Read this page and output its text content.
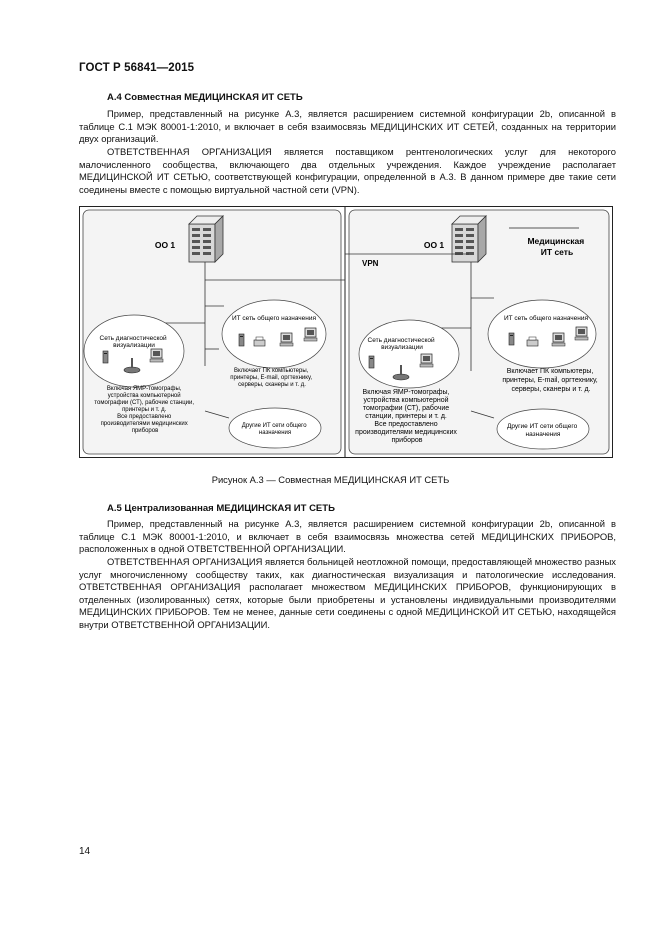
ГОСТ Р 56841—2015
А.4 Совместная МЕДИЦИНСКАЯ ИТ СЕТЬ

Пример, представленный на рисунке А.3, является расширением системной конфигурации 2b, описанной в таблице С.1 МЭК 80001-1:2010, и включает в себя взаимосвязь МЕДИЦИНСКИХ ИТ СЕТЕЙ, созданных на территории двух организаций.

ОТВЕТСТВЕННАЯ ОРГАНИЗАЦИЯ является поставщиком рентгенологических услуг для некоторого малочисленного сообщества, включающего два отдельных учреждения. Каждое учреждение располагает МЕДИЦИНСКОЙ ИТ СЕТЬЮ, соответствующей конфигурации, определенной в А.3. В данном примере две такие сети соединены вместе с помощью виртуальной частной сети (VPN).

ОО 1
Сеть диагностической визуализации
Включая ЯМР-томографы, устройства компьютерной томографии (СТ), рабочие станции, принтеры и т. д. Все предоставлено производителями медицинских приборов
ИТ сеть общего назначения
Включает ПК компьютеры, принтеры, E-mail, оргтехнику, серверы, сканеры и т. д.
Другие ИТ сети общего назначения
ОО 1
VPN
Медицинская ИТ сеть
Сеть диагностической визуализации
Включая ЯМР-томографы, устройства компьютерной томографии (СТ), рабочие станции, принтеры и т. д. Все предоставлено производителями медицинских приборов
ИТ сеть общего назначения
Включает ПК компьютеры, принтеры, E-mail, оргтехнику, серверы, сканеры и т. д.
Другие ИТ сети общего назначения
Рисунок А.3 — Совместная МЕДИЦИНСКАЯ ИТ СЕТЬ
А.5 Централизованная МЕДИЦИНСКАЯ ИТ СЕТЬ

Пример, представленный на рисунке А.3, является расширением системной конфигурации 2b, описанной в таблице С.1 МЭК 80001-1:2010, и включает в себя взаимосвязь множества сетей МЕДИЦИНСКИХ ПРИБОРОВ, расположенных в одной ОТВЕТСТВЕННОЙ ОРГАНИЗАЦИИ.

ОТВЕТСТВЕННАЯ ОРГАНИЗАЦИЯ является больницей неотложной помощи, предоставляющей множество разных услуг многочисленному сообществу таких, как диагностическая визуализация и патологические исследования. ОТВЕТСТВЕННАЯ ОРГАНИЗАЦИЯ располагает множеством МЕДИЦИНСКИХ ПРИБОРОВ, функционирующих в отделенных (изолированных) сетях, которые были приобретены и установлены индивидуальными производителями МЕДИЦИНСКИХ ПРИБОРОВ. Тем не менее, данные сети соединены с одной МЕДИЦИНСКОЙ ИТ СЕТЬЮ, находящейся внутри ОТВЕТСТВЕННОЙ ОРГАНИЗАЦИИ.

14
